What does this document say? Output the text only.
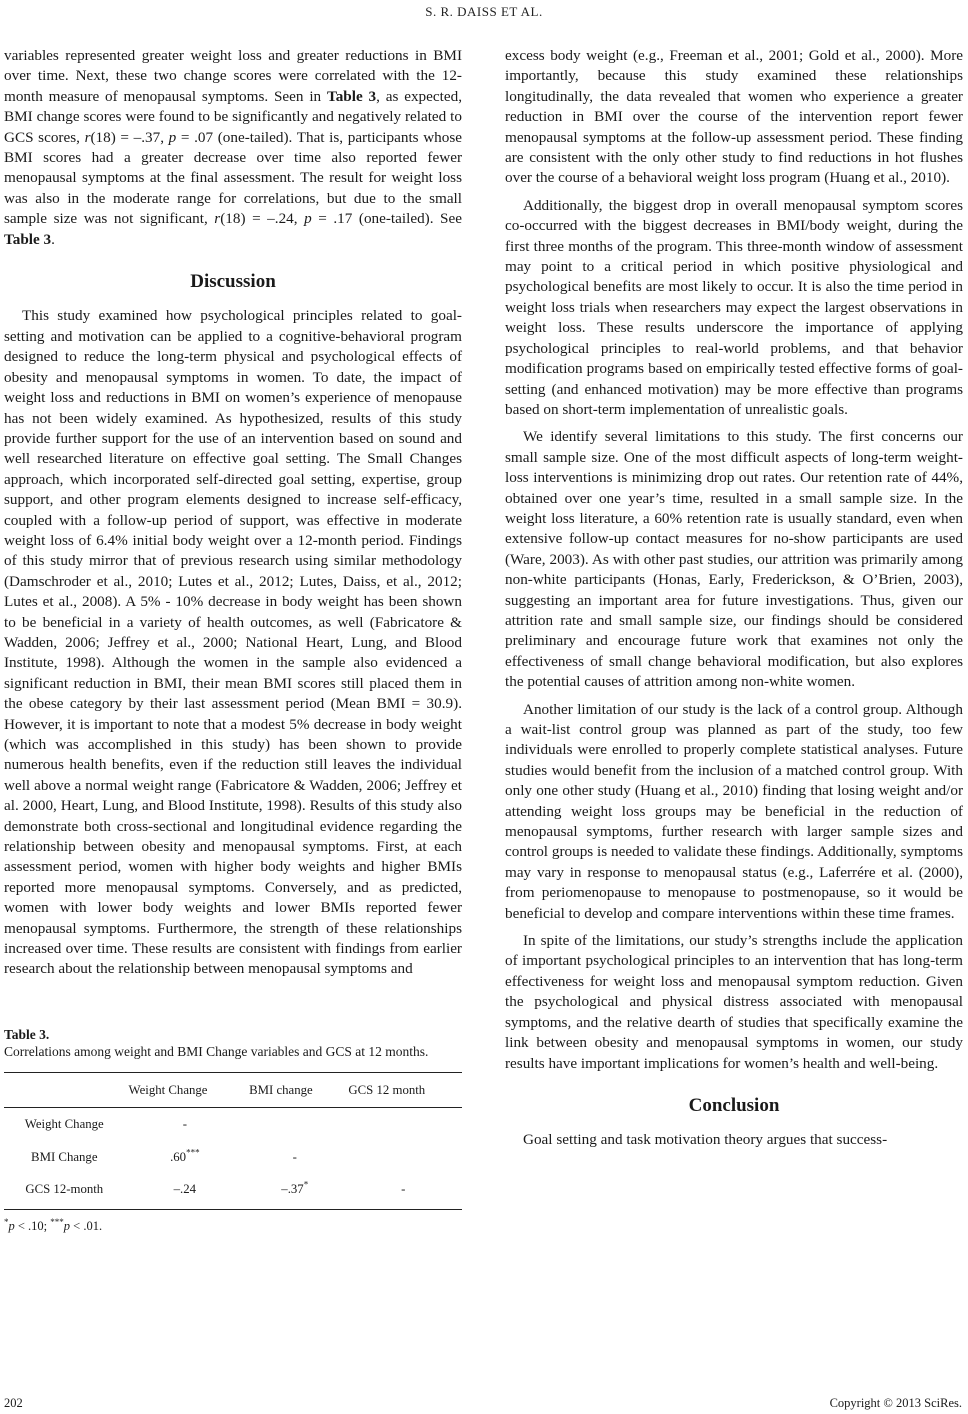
S. R. DAISS ET AL.

variables represented greater weight loss and greater reductions in BMI over time. Next, these two change scores were correlated with the 12-month measure of menopausal symptoms. Seen in Table 3, as expected, BMI change scores were found to be significantly and negatively related to GCS scores, r(18) = –.37, p = .07 (one-tailed). That is, participants whose BMI scores had a greater decrease over time also reported fewer menopausal symptoms at the final assessment. The result for weight loss was also in the moderate range for correlations, but due to the small sample size was not significant, r(18) = –.24, p = .17 (one-tailed). See Table 3.

Discussion

This study examined how psychological principles related to goal-setting and motivation can be applied to a cognitive-behavioral program designed to reduce the long-term physical and psychological effects of obesity and menopausal symptoms in women. To date, the impact of weight loss and reductions in BMI on women’s experience of menopause has not been widely examined. As hypothesized, results of this study provide further support for the use of an intervention based on sound and well researched literature on effective goal setting. The Small Changes approach, which incorporated self-directed goal setting, expertise, group support, and other program elements designed to increase self-efficacy, coupled with a follow-up period of support, was effective in moderate weight loss of 6.4% initial body weight over a 12-month period. Findings of this study mirror that of previous research using similar methodology (Damschroder et al., 2010; Lutes et al., 2012; Lutes, Daiss, et al., 2012; Lutes et al., 2008). A 5% - 10% decrease in body weight has been shown to be beneficial in a variety of health outcomes, as well (Fabricatore & Wadden, 2006; Jeffrey et al., 2000; National Heart, Lung, and Blood Institute, 1998). Although the women in the sample also evidenced a significant reduction in BMI, their mean BMI scores still placed them in the obese category by their last assessment period (Mean BMI = 30.9). However, it is important to note that a modest 5% decrease in body weight (which was accomplished in this study) has been shown to provide numerous health benefits, even if the reduction still leaves the individual well above a normal weight range (Fabricatore & Wadden, 2006; Jeffrey et al. 2000, Heart, Lung, and Blood Institute, 1998). Results of this study also demonstrate both cross-sectional and longitudinal evidence regarding the relationship between obesity and menopausal symptoms. First, at each assessment period, women with higher body weights and higher BMIs reported more menopausal symptoms. Conversely, and as predicted, women with lower body weights and lower BMIs reported fewer menopausal symptoms. Furthermore, the strength of these relationships increased over time. These results are consistent with findings from earlier research about the relationship between menopausal symptoms and

Table 3.
Correlations among weight and BMI Change variables and GCS at 12 months.
	Weight Change	BMI change	GCS 12 month
Weight Change	-		
BMI Change	.60***	-	
GCS 12-month	–.24	–.37*	-
*p < .10; ***p < .01.

excess body weight (e.g., Freeman et al., 2001; Gold et al., 2000). More importantly, because this study examined these relationships longitudinally, the data revealed that women who experience a greater reduction in BMI over the course of the intervention report fewer menopausal symptoms at the follow-up assessment period. These finding are consistent with the only other study to find reductions in hot flushes over the course of a behavioral weight loss program (Huang et al., 2010).

Additionally, the biggest drop in overall menopausal symptom scores co-occurred with the biggest decreases in BMI/body weight, during the first three months of the program. This three-month window of assessment may point to a critical period in which positive physiological and psychological benefits are most likely to occur. It is also the time period in weight loss trials when researchers may expect the largest observations in weight loss. These results underscore the importance of applying psychological principles to real-world problems, and that behavior modification programs based on empirically tested effective forms of goal-setting (and enhanced motivation) may be more effective than programs based on short-term implementation of unrealistic goals.

We identify several limitations to this study. The first concerns our small sample size. One of the most difficult aspects of long-term weight-loss interventions is minimizing drop out rates. Our retention rate of 44%, obtained over one year’s time, resulted in a small sample size. In the weight loss literature, a 60% retention rate is usually standard, even when extensive follow-up contact measures for no-show participants are used (Ware, 2003). As with other past studies, our attrition was primarily among non-white participants (Honas, Early, Frederickson, & O’Brien, 2003), suggesting an important area for future investigations. Thus, given our attrition rate and small sample size, our findings should be considered preliminary and encourage future work that examines not only the effectiveness of small change behavioral modification, but also explores the potential causes of attrition among non-white women.

Another limitation of our study is the lack of a control group. Although a wait-list control group was planned as part of the study, too few individuals were enrolled to properly complete statistical analyses. Future studies would benefit from the inclusion of a matched control group. With only one other study (Huang et al., 2010) finding that losing weight and/or attending weight loss groups may be beneficial in the reduction of menopausal symptoms, further research with larger sample sizes and control groups is needed to validate these findings. Additionally, symptoms may vary in response to menopausal status (e.g., Laferrére et al. (2000), from periomenopause to menopause to postmenopause, so it would be beneficial to develop and compare interventions within these time frames.

In spite of the limitations, our study’s strengths include the application of important psychological principles to an intervention that has long-term effectiveness for weight loss and menopausal symptom reduction. Given the psychological and physical distress associated with menopausal symptoms, and the relative dearth of studies that specifically examine the link between obesity and menopausal symptoms in women, our study results have important implications for women’s health and well-being.

Conclusion

Goal setting and task motivation theory argues that success-

202	Copyright © 2013 SciRes.
